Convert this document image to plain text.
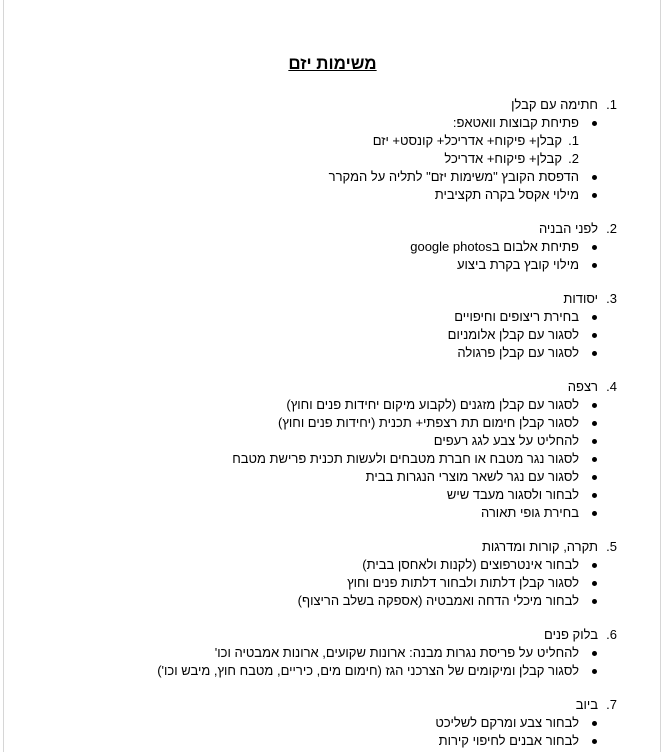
משימות יזם
1.
חתימה עם קבלן
פתיחת קבוצות וואטאפ:
1.
קבלן+ פיקוח+ אדריכל+ קונסט+ יזם
2.
קבלן+ פיקוח+ אדריכל
הדפסת הקובץ "משימות יזם" לתליה על המקרר
מילוי אקסל בקרה תקציבית
2.
לפני הבניה
פתיחת אלבום בgoogle photos
מילוי קובץ בקרת ביצוע
3.
יסודות
בחירת ריצופים וחיפויים
לסגור עם קבלן אלומניום
לסגור עם קבלן פרגולה
4.
רצפה
לסגור עם קבלן מזגנים (לקבוע מיקום יחידות פנים וחוץ)
לסגור קבלן חימום תת רצפתי+ תכנית (יחידות פנים וחוץ)
להחליט על צבע לגג רעפים
לסגור נגר מטבח או חברת מטבחים ולעשות תכנית פרישת מטבח
לסגור עם נגר לשאר מוצרי הנגרות בבית
לבחור ולסגור מעבד שיש
בחירת גופי תאורה
5.
תקרה, קורות ומדרגות
לבחור אינטרפוצים (לקנות ולאחסן בבית)
לסגור קבלן דלתות ולבחור דלתות פנים וחוץ
לבחור מיכלי הדחה ואמבטיה (אספקה בשלב הריצוף)
6.
בלוק פנים
להחליט על פריסת נגרות מבנה: ארונות שקועים, ארונות אמבטיה וכו'
לסגור קבלן ומיקומים של הצרכני הגז (חימום מים, כיריים, מטבח חוץ, מיבש וכו')
7.
ביוב
לבחור צבע ומרקם לשליכט
לבחור אבנים לחיפוי קירות
